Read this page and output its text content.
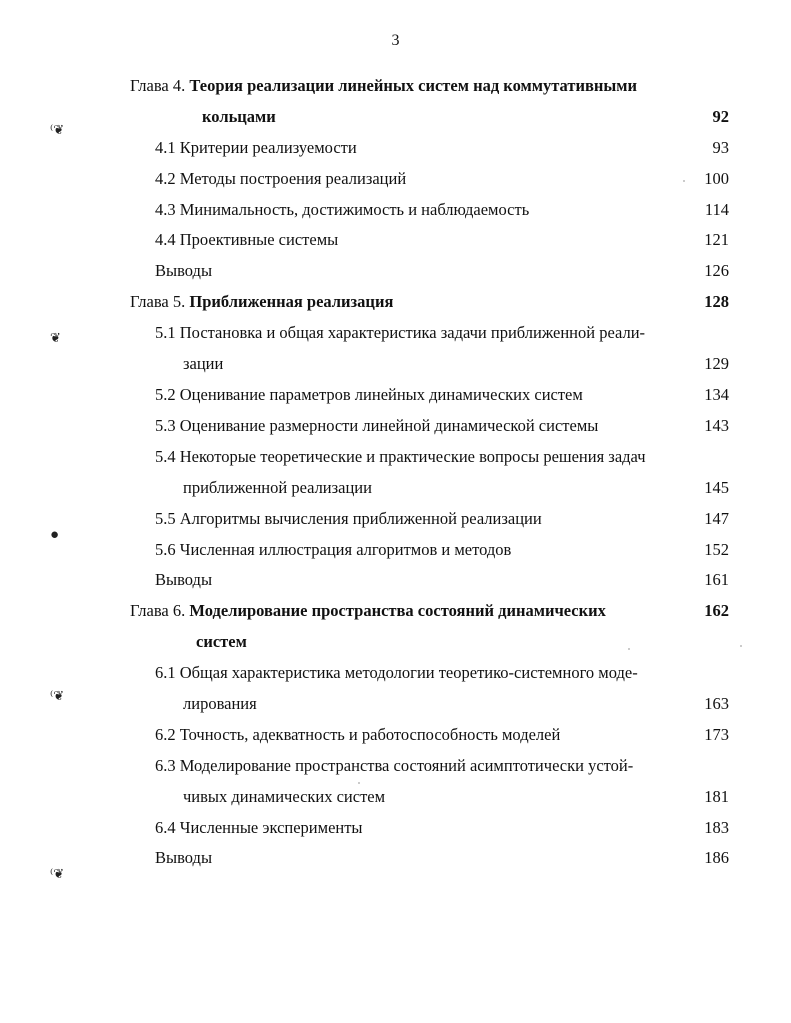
3
Глава 4. Теория реализации линейных систем над коммутативными
кольцами	92
4.1 Критерии реализуемости	93
4.2 Методы построения реализаций	100
4.3 Минимальность, достижимость и наблюдаемость	114
4.4 Проективные системы	121
Выводы	126
Глава 5. Приближенная реализация	128
5.1 Постановка и общая характеристика задачи приближенной реали-
зации	129
5.2 Оценивание параметров линейных динамических систем	134
5.3 Оценивание размерности линейной динамической системы	143
5.4 Некоторые теоретические и практические вопросы решения задач
приближенной реализации	145
5.5 Алгоритмы вычисления приближенной реализации	147
5.6 Численная иллюстрация алгоритмов и методов	152
Выводы	161
Глава 6. Моделирование пространства состояний динамических	162
систем
6.1 Общая характеристика методологии теоретико-системного моде-
лирования	163
6.2 Точность, адекватность и работоспособность моделей	173
6.3 Моделирование пространства состояний асимптотически устой-
чивых динамических систем	181
6.4 Численные эксперименты	183
Выводы	186
⁽❦
❦
●
⁽❦
⁽❦
